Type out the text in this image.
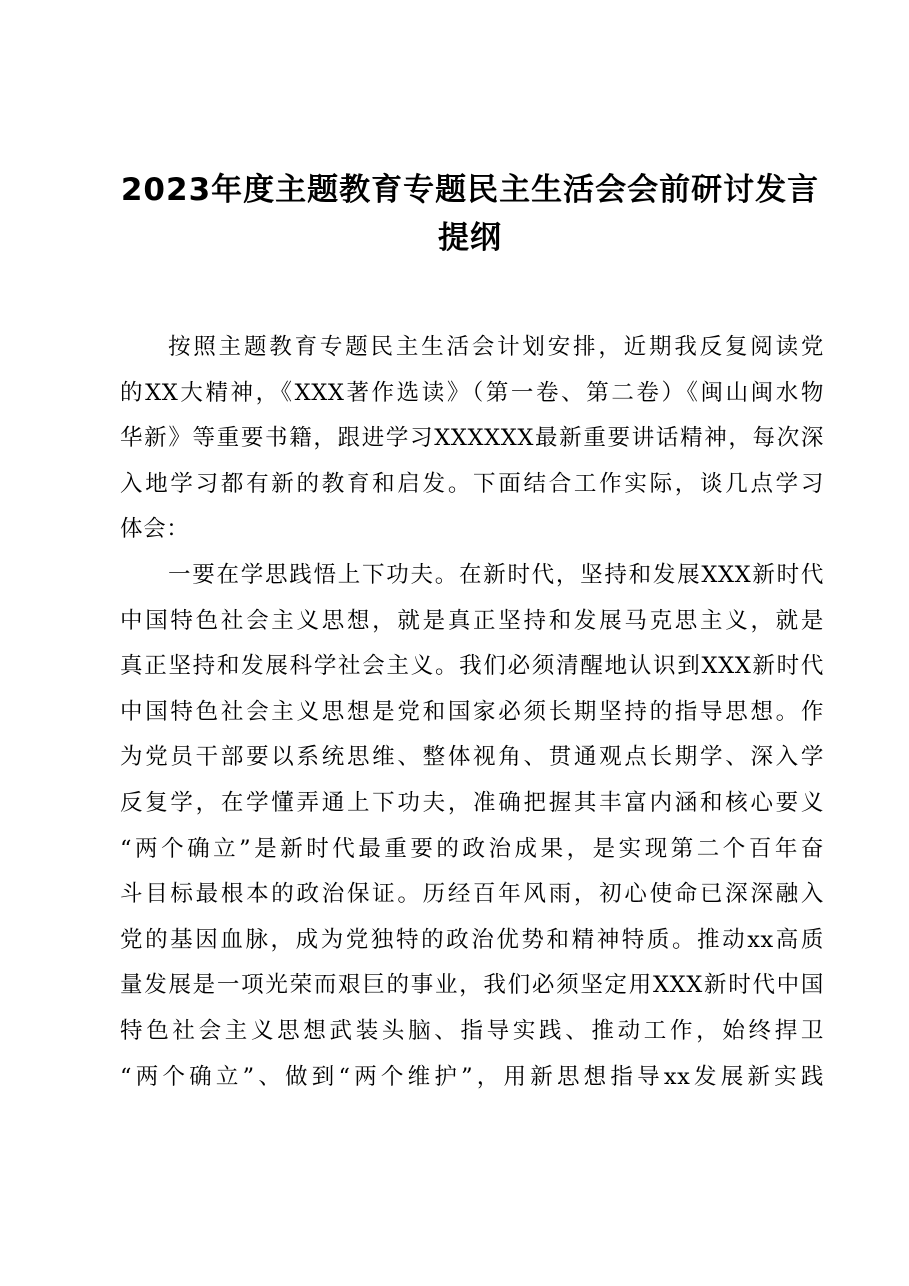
2023年度主题教育专题民主生活会会前研讨发言
提纲
按照主题教育专题民主生活会计划安排，近期我反复阅读党
的XX大精神，《XXX著作选读》（第一卷、第二卷）《闽山闽水物
华新》等重要书籍，跟进学习XXXXXX最新重要讲话精神，每次深
入地学习都有新的教育和启发。下面结合工作实际，谈几点学习
体会：
一要在学思践悟上下功夫。在新时代，坚持和发展XXX新时代
中国特色社会主义思想，就是真正坚持和发展马克思主义，就是
真正坚持和发展科学社会主义。我们必须清醒地认识到XXX新时代
中国特色社会主义思想是党和国家必须长期坚持的指导思想。作
为党员干部要以系统思维、整体视角、贯通观点长期学、深入学
反复学，在学懂弄通上下功夫，准确把握其丰富内涵和核心要义
“两个确立”是新时代最重要的政治成果，是实现第二个百年奋
斗目标最根本的政治保证。历经百年风雨，初心使命已深深融入
党的基因血脉，成为党独特的政治优势和精神特质。推动xx高质
量发展是一项光荣而艰巨的事业，我们必须坚定用XXX新时代中国
特色社会主义思想武装头脑、指导实践、推动工作，始终捍卫
“两个确立”、做到“两个维护”，用新思想指导xx发展新实践
